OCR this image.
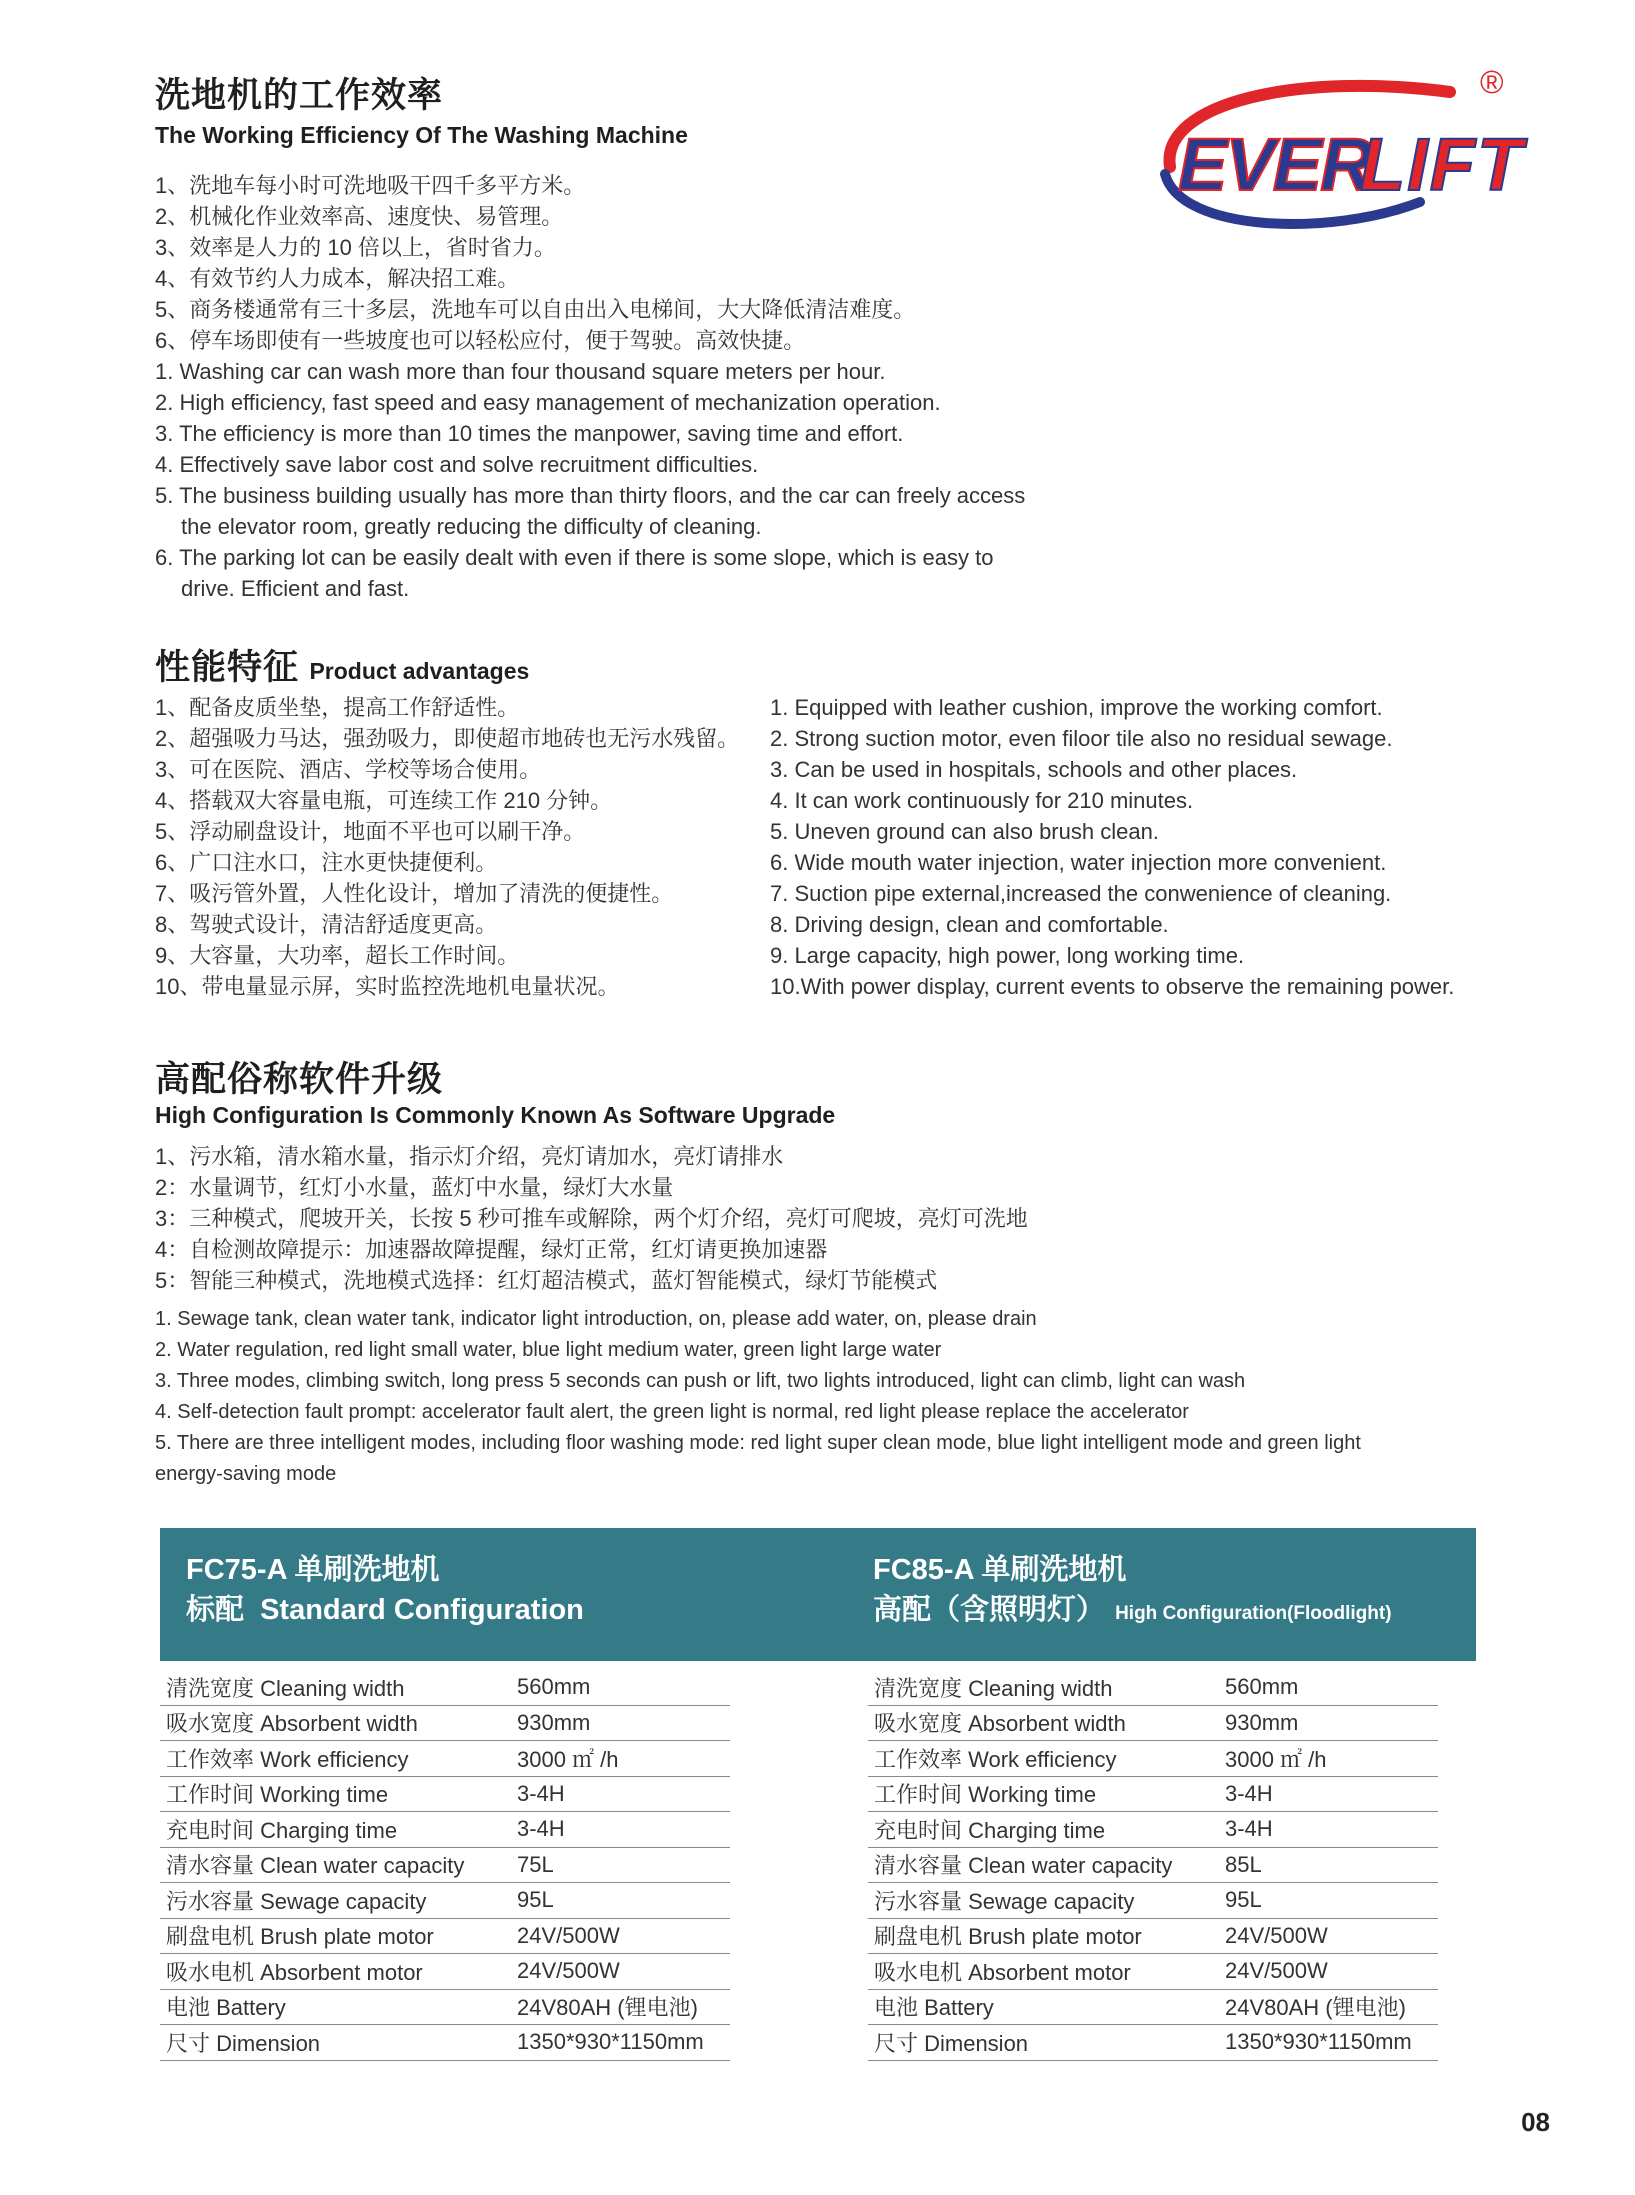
EVER
LIFT
®
洗地机的工作效率
The Working Efficiency Of The Washing Machine
1、洗地车每小时可洗地吸干四千多平方米。
2、机械化作业效率高、速度快、易管理。
3、效率是人力的 10 倍以上，省时省力。
4、有效节约人力成本，解决招工难。
5、商务楼通常有三十多层，洗地车可以自由出入电梯间，大大降低清洁难度。
6、停车场即使有一些坡度也可以轻松应付，便于驾驶。高效快捷。
1. Washing car can wash more than four thousand square meters per hour.
2. High efficiency, fast speed and easy management of mechanization operation.
3. The efficiency is more than 10 times the manpower, saving time and effort.
4. Effectively save labor cost and solve recruitment difficulties.
5. The business building usually has more than thirty floors, and the car can freely access
the elevator room, greatly reducing the difficulty of cleaning.
6. The parking lot can be easily dealt with even if there is some slope, which is easy to
drive. Efficient and fast.
性能特征 Product advantages
1、配备皮质坐垫，提高工作舒适性。
2、超强吸力马达，强劲吸力，即使超市地砖也无污水残留。
3、可在医院、酒店、学校等场合使用。
4、搭载双大容量电瓶，可连续工作 210 分钟。
5、浮动刷盘设计，地面不平也可以刷干净。
6、广口注水口，注水更快捷便利。
7、吸污管外置，人性化设计，增加了清洗的便捷性。
8、驾驶式设计，清洁舒适度更高。
9、大容量，大功率，超长工作时间。
10、带电量显示屏，实时监控洗地机电量状况。
1. Equipped with leather cushion, improve the working comfort.
2. Strong suction motor, even filoor tile also no residual sewage.
3. Can be used in hospitals, schools and other places.
4. It can work continuously for 210 minutes.
5. Uneven ground can also brush clean.
6. Wide mouth water injection, water injection more convenient.
7. Suction pipe external,increased the conwenience of cleaning.
8. Driving design, clean and comfortable.
9. Large capacity, high power, long working time.
10.With power display, current events to observe the remaining power.
高配俗称软件升级
High Configuration Is Commonly Known As Software Upgrade
1、污水箱，清水箱水量，指示灯介绍，亮灯请加水，亮灯请排水
2：水量调节，红灯小水量，蓝灯中水量，绿灯大水量
3：三种模式，爬坡开关，长按 5 秒可推车或解除，两个灯介绍，亮灯可爬坡，亮灯可洗地
4：自检测故障提示：加速器故障提醒，绿灯正常，红灯请更换加速器
5：智能三种模式，洗地模式选择：红灯超洁模式，蓝灯智能模式，绿灯节能模式
1. Sewage tank, clean water tank, indicator light introduction, on, please add water, on, please drain
2. Water regulation, red light small water, blue light medium water, green light large water
3. Three modes, climbing switch, long press 5 seconds can push or lift, two lights introduced, light can climb, light can wash
4. Self-detection fault prompt: accelerator fault alert, the green light is normal, red light please replace the accelerator
5. There are three intelligent modes, including floor washing mode: red light super clean mode, blue light intelligent mode and green light
energy-saving mode
FC75-A 单刷洗地机
标配 Standard Configuration
FC85-A 单刷洗地机
高配（含照明灯） High Configuration(Floodlight)
清洗宽度 Cleaning width	560mm
吸水宽度 Absorbent width	930mm
工作效率 Work efficiency	3000 ㎡ /h
工作时间 Working time	3-4H
充电时间 Charging time	3-4H
清水容量 Clean water capacity	75L
污水容量 Sewage capacity	95L
刷盘电机 Brush plate motor	24V/500W
吸水电机 Absorbent motor	24V/500W
电池 Battery	24V80AH (锂电池)
尺寸 Dimension	1350*930*1150mm
清洗宽度 Cleaning width	560mm
吸水宽度 Absorbent width	930mm
工作效率 Work efficiency	3000 ㎡ /h
工作时间 Working time	3-4H
充电时间 Charging time	3-4H
清水容量 Clean water capacity	85L
污水容量 Sewage capacity	95L
刷盘电机 Brush plate motor	24V/500W
吸水电机 Absorbent motor	24V/500W
电池 Battery	24V80AH (锂电池)
尺寸 Dimension	1350*930*1150mm
08
